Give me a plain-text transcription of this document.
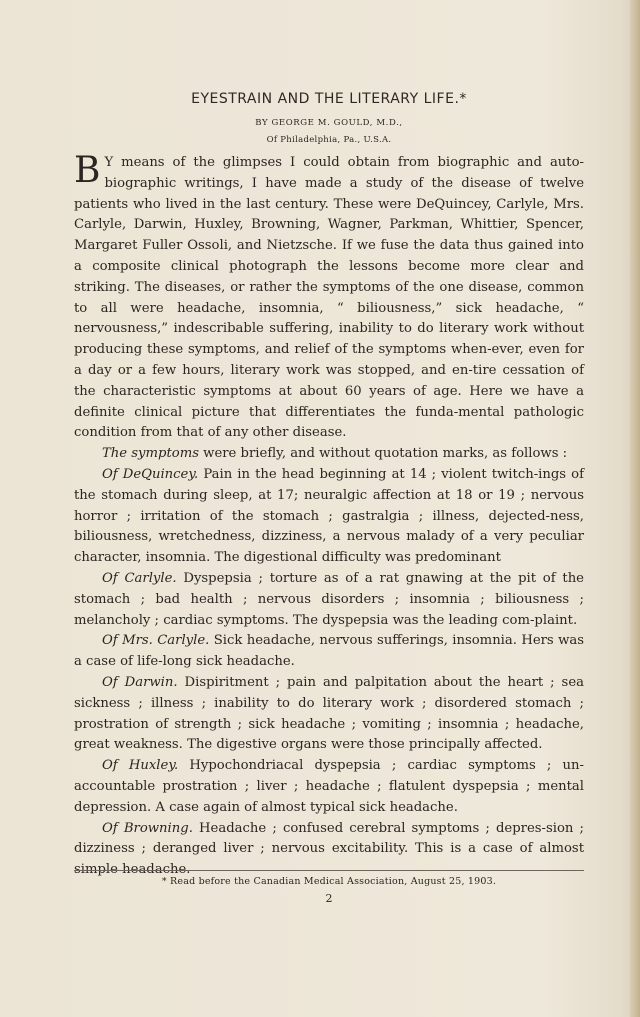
EYESTRAIN AND THE LITERARY LIFE.*
BY GEORGE M. GOULD, M.D.,
Of Philadelphia, Pa., U.S.A.

B Y means of the glimpses I could obtain from biographic and auto-biographic writings, I have made a study of the disease of twelve patients who lived in the last century. These were DeQuincey, Carlyle, Mrs. Carlyle, Darwin, Huxley, Browning, Wagner, Parkman, Whittier, Spencer, Margaret Fuller Ossoli, and Nietzsche. If we fuse the data thus gained into a composite clinical photograph the lessons become more clear and striking. The diseases, or rather the symptoms of the one disease, common to all were headache, insomnia, “ biliousness,” sick headache, “ nervousness,” indescribable suffering, inability to do literary work without producing these symptoms, and relief of the symptoms when-ever, even for a day or a few hours, literary work was stopped, and en-tire cessation of the characteristic symptoms at about 60 years of age. Here we have a definite clinical picture that differentiates the funda-mental pathologic condition from that of any other disease.

The symptoms were briefly, and without quotation marks, as follows :

Of DeQuincey. Pain in the head beginning at 14 ; violent twitch-ings of the stomach during sleep, at 17; neuralgic affection at 18 or 19 ; nervous horror ; irritation of the stomach ; gastralgia ; illness, dejected-ness, biliousness, wretchedness, dizziness, a nervous malady of a very peculiar character, insomnia. The digestional difficulty was predominant

Of Carlyle. Dyspepsia ; torture as of a rat gnawing at the pit of the stomach ; bad health ; nervous disorders ; insomnia ; biliousness ; melancholy ; cardiac symptoms. The dyspepsia was the leading com-plaint.

Of Mrs. Carlyle. Sick headache, nervous sufferings, insomnia. Hers was a case of life-long sick headache.

Of Darwin. Dispiritment ; pain and palpitation about the heart ; sea sickness ; illness ; inability to do literary work ; disordered stomach ; prostration of strength ; sick headache ; vomiting ; insomnia ; headache, great weakness. The digestive organs were those principally affected.

Of Huxley. Hypochondriacal dyspepsia ; cardiac symptoms ; un-accountable prostration ; liver ; headache ; flatulent dyspepsia ; mental depression. A case again of almost typical sick headache.

Of Browning. Headache ; confused cerebral symptoms ; depres-sion ; dizziness ; deranged liver ; nervous excitability. This is a case of almost simple headache.

* Read before the Canadian Medical Association, August 25, 1903.
2
